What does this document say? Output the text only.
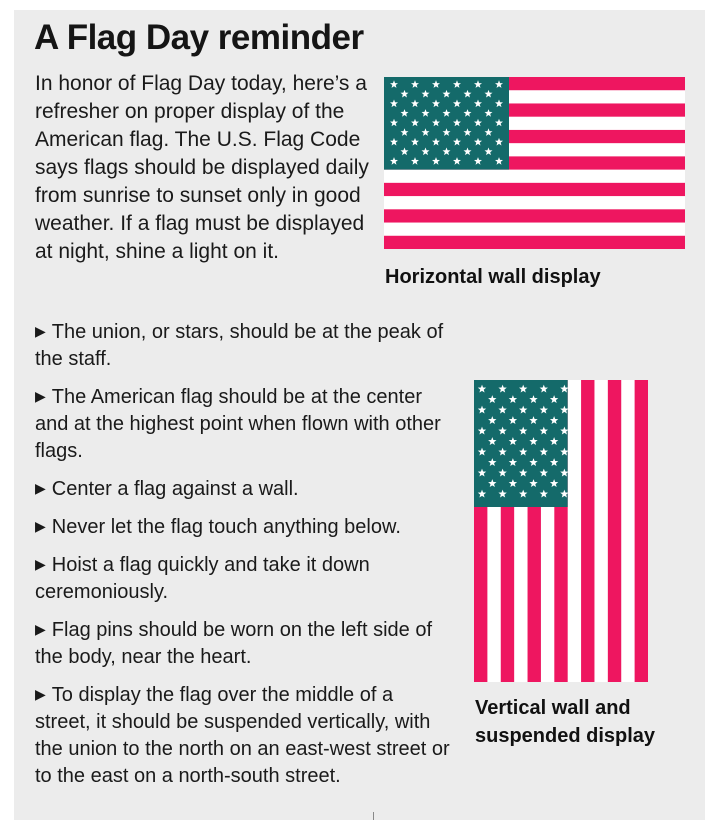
A Flag Day reminder

In honor of Flag Day today, here’s a refresher on proper display of the American flag. The U.S. Flag Code says flags should be displayed daily from sunrise to sunset only in good weather. If a flag must be displayed at night, shine a light on it.

▶ The union, or stars, should be at the peak of the staff.
▶ The American flag should be at the center and at the highest point when flown with other flags.
▶ Center a flag against a wall.
▶ Never let the flag touch anything below.
▶ Hoist a flag quickly and take it down ceremoniously.
▶ Flag pins should be worn on the left side of the body, near the heart.
▶ To display the flag over the middle of a street, it should be suspended vertically, with the union to the north on an east-west street or to the east on a north-south street.

Horizontal wall display

Vertical wall and suspended display
